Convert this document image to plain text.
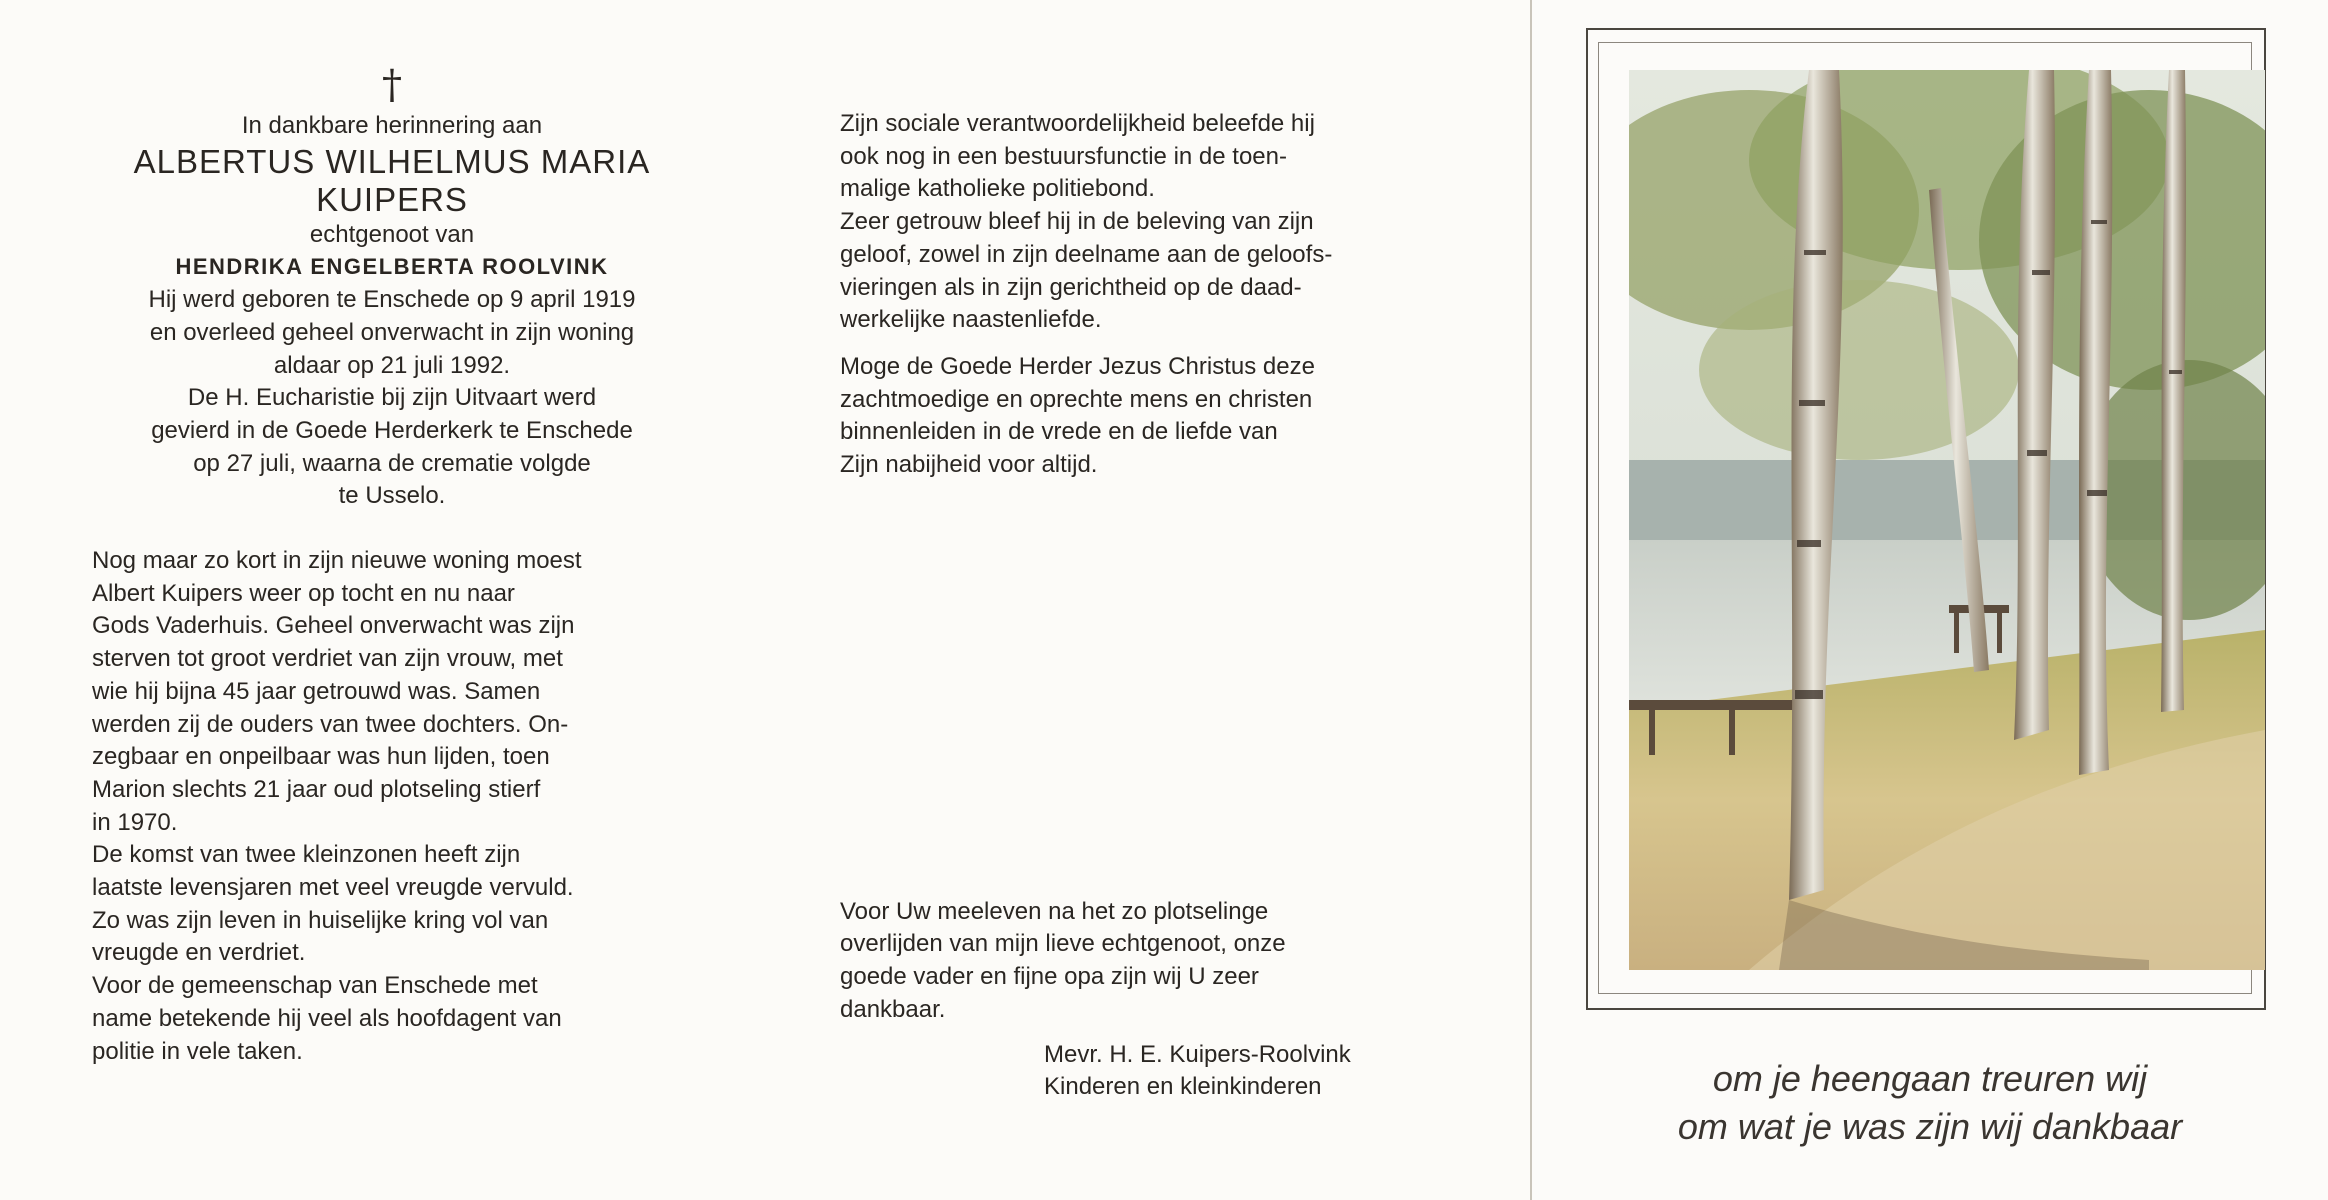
†

In dankbare herinnering aan

ALBERTUS WILHELMUS MARIA

KUIPERS

echtgenoot van

HENDRIKA ENGELBERTA ROOLVINK

Hij werd geboren te Enschede op 9 april 1919

en overleed geheel onverwacht in zijn woning

aldaar op 21 juli 1992.

De H. Eucharistie bij zijn Uitvaart werd

gevierd in de Goede Herderkerk te Enschede

op 27 juli, waarna de crematie volgde

te Usselo.

Nog maar zo kort in zijn nieuwe woning moest

Albert Kuipers weer op tocht en nu naar

Gods Vaderhuis. Geheel onverwacht was zijn

sterven tot groot verdriet van zijn vrouw, met

wie hij bijna 45 jaar getrouwd was. Samen

werden zij de ouders van twee dochters. On-

zegbaar en onpeilbaar was hun lijden, toen

Marion slechts 21 jaar oud plotseling stierf

in 1970.

De komst van twee kleinzonen heeft zijn

laatste levensjaren met veel vreugde vervuld.

Zo was zijn leven in huiselijke kring vol van

vreugde en verdriet.

Voor de gemeenschap van Enschede met

name betekende hij veel als hoofdagent van

politie in vele taken.

Zijn sociale verantwoordelijkheid beleefde hij

ook nog in een bestuursfunctie in de toen-

malige katholieke politiebond.

Zeer getrouw bleef hij in de beleving van zijn

geloof, zowel in zijn deelname aan de geloofs-

vieringen als in zijn gerichtheid op de daad-

werkelijke naastenliefde.

Moge de Goede Herder Jezus Christus deze

zachtmoedige en oprechte mens en christen

binnenleiden in de vrede en de liefde van

Zijn nabijheid voor altijd.

Voor Uw meeleven na het zo plotselinge

overlijden van mijn lieve echtgenoot, onze

goede vader en fijne opa zijn wij U zeer

dankbaar.

Mevr. H. E. Kuipers-Roolvink

Kinderen en kleinkinderen	om je heengaan treuren wij
om wat je was zijn wij dankbaar
